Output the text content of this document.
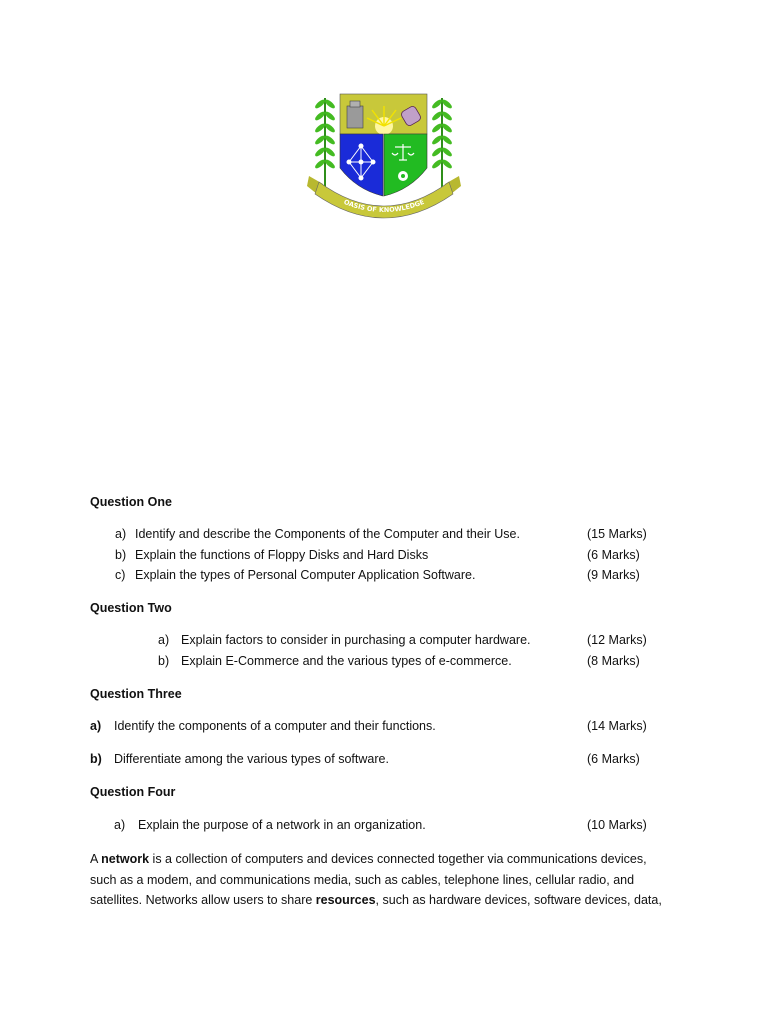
OASIS OF KNOWLEDGE
Question One
a) Identify and describe the Components of the Computer and their Use.	(15 Marks)
b) Explain the functions of Floppy Disks and Hard Disks	(6 Marks)
c) Explain the types of Personal Computer Application Software.	(9 Marks)
Question Two
a) Explain factors to consider in purchasing a computer hardware.	(12 Marks)
b) Explain E-Commerce and the various types of e-commerce.	(8 Marks)
Question Three
a) Identify the components of a computer and their functions.	(14 Marks)
b) Differentiate among the various types of software.	(6 Marks)
Question Four
a) Explain the purpose of a network in an organization.	(10 Marks)
A network is a collection of computers and devices connected together via communications devices, such as a modem, and communications media, such as cables, telephone lines, cellular radio, and satellites. Networks allow users to share resources, such as hardware devices, software devices, data,
